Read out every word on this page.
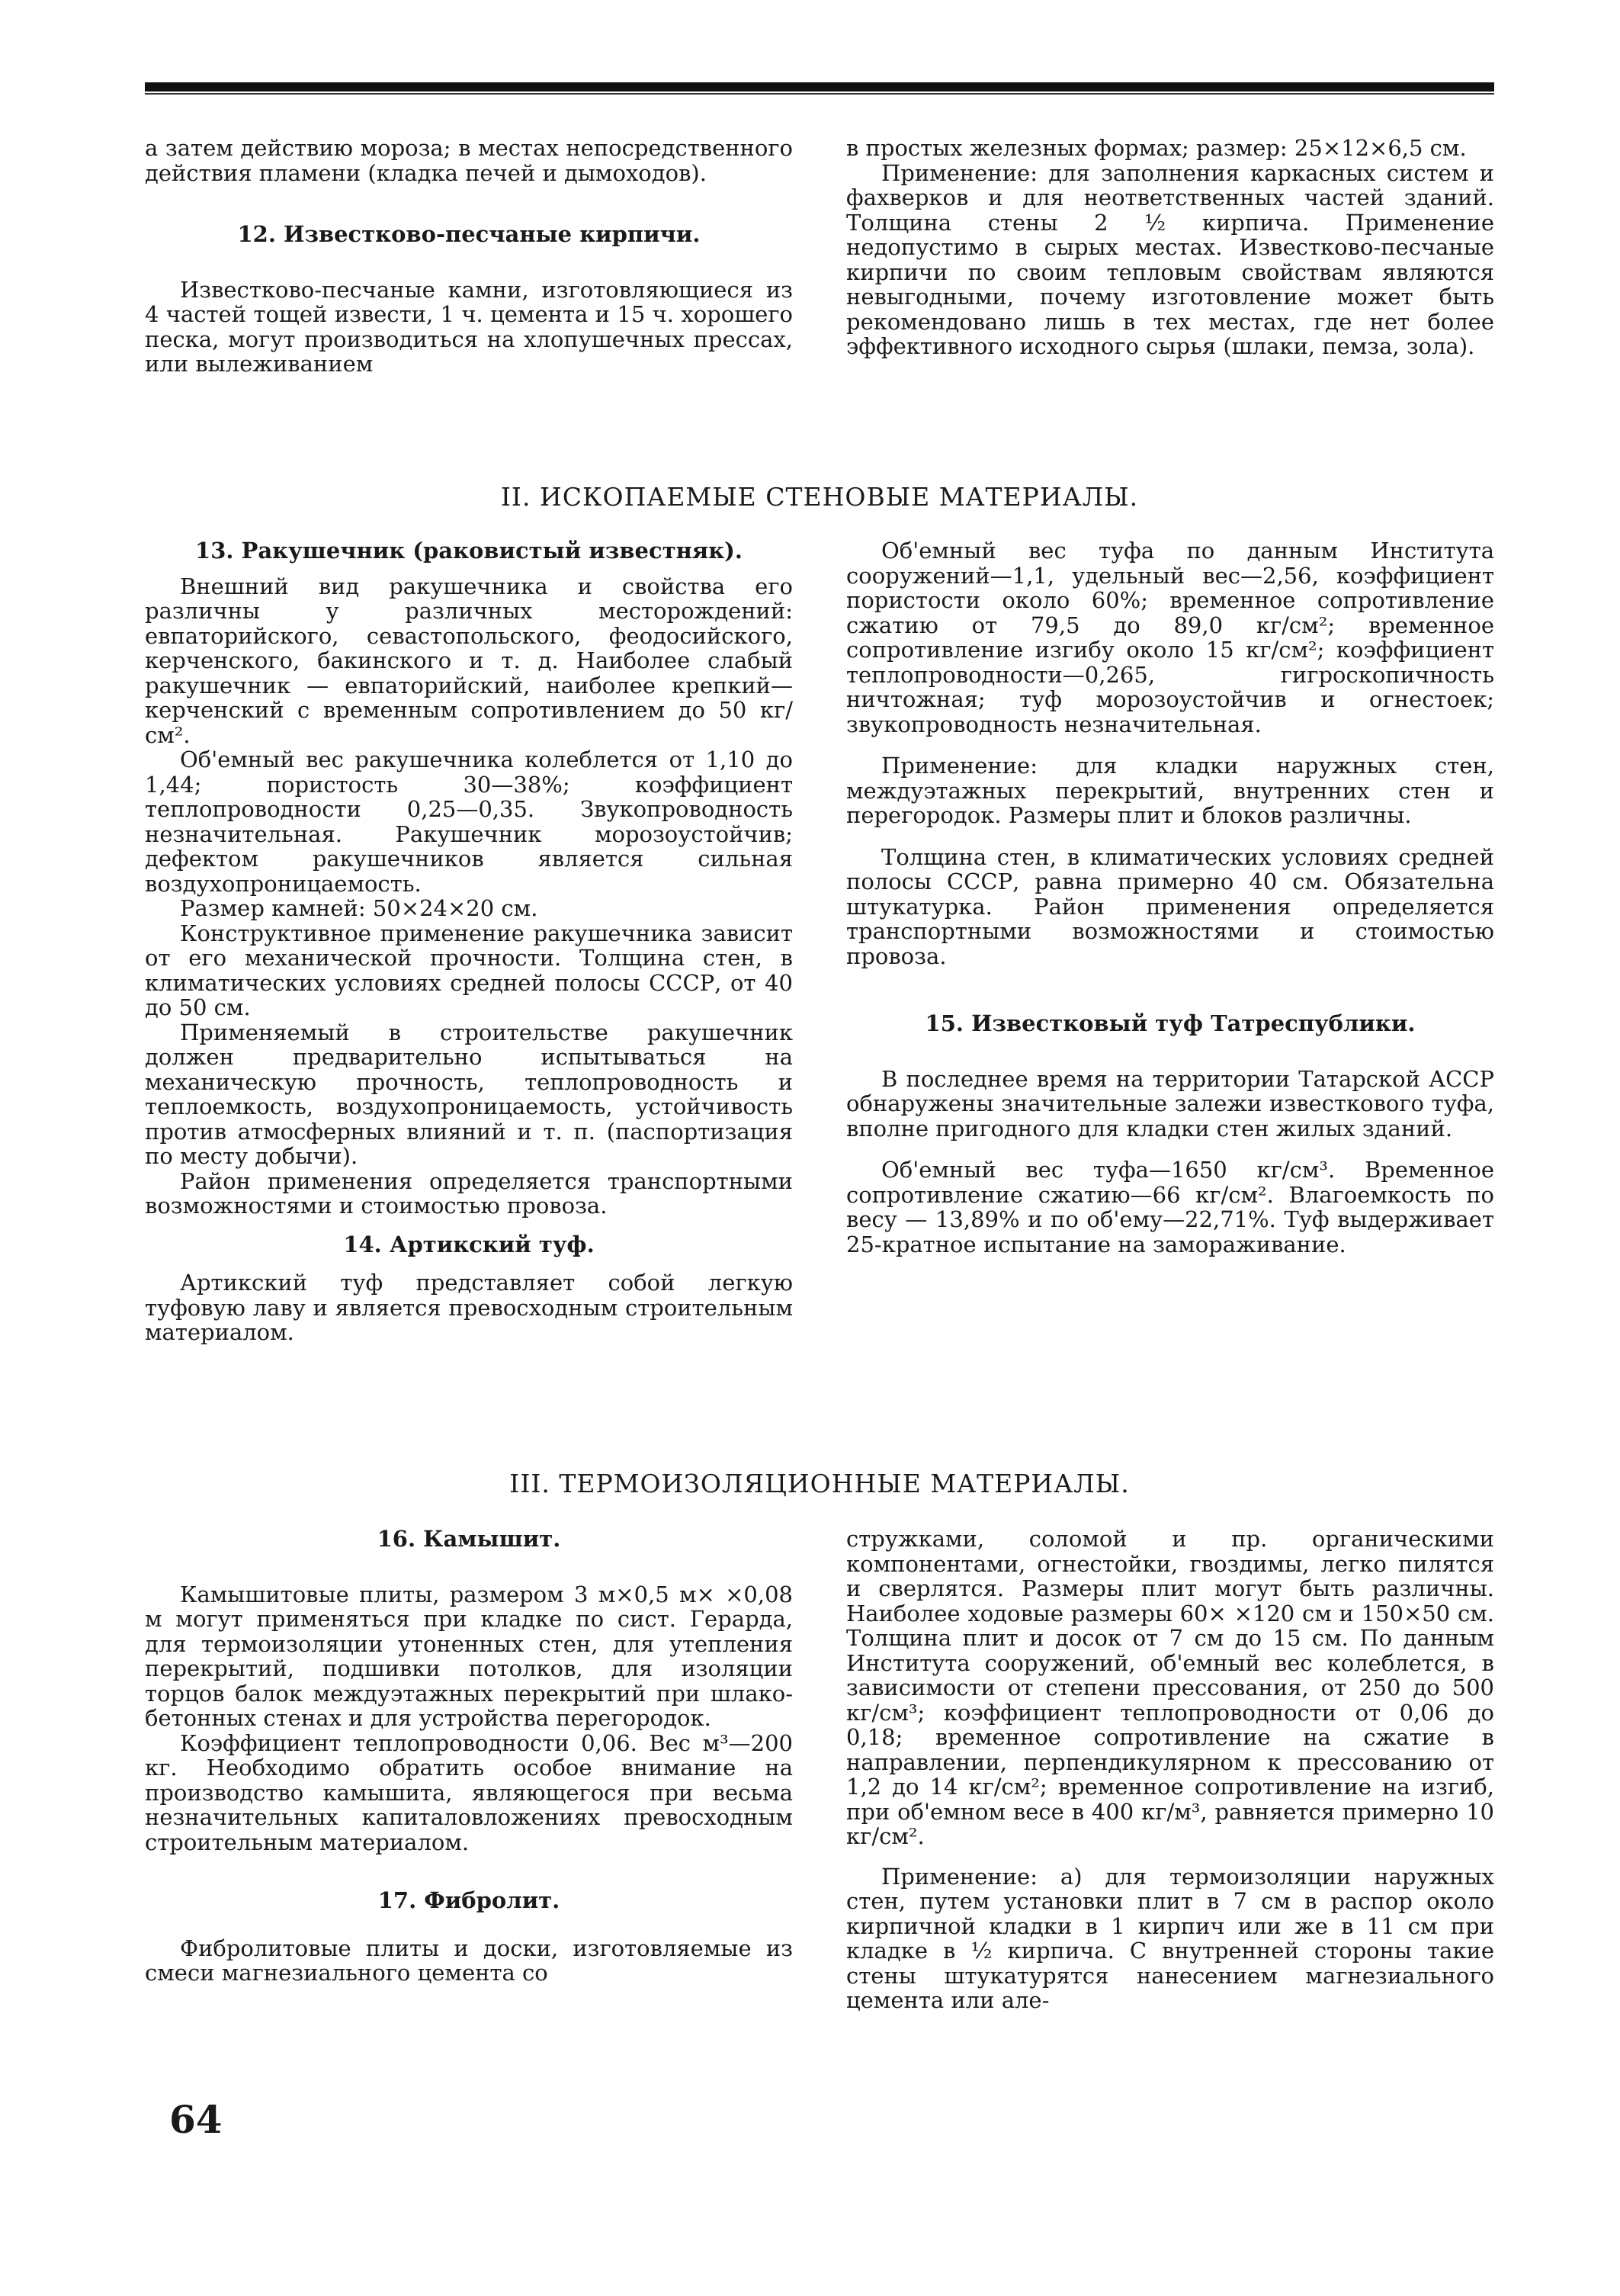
а затем действию мороза; в местах непосредственного действия пламени (кладка печей и дымоходов).

12. Известково-песчаные кирпичи.

Известково-песчаные камни, изготовляющиеся из 4 частей тощей извести, 1 ч. цемента и 15 ч. хорошего песка, могут производиться на хлопушечных прессах, или вылеживанием

в простых железных формах; размер: 25×12×6,5 см.

Применение: для заполнения каркасных систем и фахверков и для неответственных частей зданий. Толщина стены 2 ½ кирпича. Применение недопустимо в сырых местах. Известково-песчаные кирпичи по своим тепловым свойствам являются невыгодными, почему изготовление может быть рекомендовано лишь в тех местах, где нет более эффективного исходного сырья (шлаки, пемза, зола).

II. ИСКОПАЕМЫЕ СТЕНОВЫЕ МАТЕРИАЛЫ.

13. Ракушечник (раковистый известняк).

Внешний вид ракушечника и свойства его различны у различных месторождений: евпаторийского, севастопольского, феодосийского, керченского, бакинского и т. д. Наиболее слабый ракушечник — евпаторийский, наиболее крепкий—керченский с временным сопротивлением до 50 кг/см².

Об'емный вес ракушечника колеблется от 1,10 до 1,44; пористость 30—38%; коэффициент теплопроводности 0,25—0,35. Звукопроводность незначительная. Ракушечник морозоустойчив; дефектом ракушечников является сильная воздухопроницаемость.

Размер камней: 50×24×20 см.

Конструктивное применение ракушечника зависит от его механической прочности. Толщина стен, в климатических условиях средней полосы СССР, от 40 до 50 см.

Применяемый в строительстве ракушечник должен предварительно испытываться на механическую прочность, теплопроводность и теплоемкость, воздухопроницаемость, устойчивость против атмосферных влияний и т. п. (паспортизация по месту добычи).

Район применения определяется транспортными возможностями и стоимостью провоза.

14. Артикский туф.

Артикский туф представляет собой легкую туфовую лаву и является превосходным строительным материалом.

Об'емный вес туфа по данным Института сооружений—1,1, удельный вес—2,56, коэффициент пористости около 60%; временное сопротивление сжатию от 79,5 до 89,0 кг/см²; временное сопротивление изгибу около 15 кг/см²; коэффициент теплопроводности—0,265, гигроскопичность ничтожная; туф морозоустойчив и огнестоек; звукопроводность незначительная.

Применение: для кладки наружных стен, междуэтажных перекрытий, внутренних стен и перегородок. Размеры плит и блоков различны.

Толщина стен, в климатических условиях средней полосы СССР, равна примерно 40 см. Обязательна штукатурка. Район применения определяется транспортными возможностями и стоимостью провоза.

15. Известковый туф Татреспублики.

В последнее время на территории Татарской АССР обнаружены значительные залежи известкового туфа, вполне пригодного для кладки стен жилых зданий.

Об'емный вес туфа—1650 кг/см³. Временное сопротивление сжатию—66 кг/см². Влагоемкость по весу — 13,89% и по об'ему—22,71%. Туф выдерживает 25-кратное испытание на замораживание.

III. ТЕРМОИЗОЛЯЦИОННЫЕ МАТЕРИАЛЫ.

16. Камышит.

Камышитовые плиты, размером 3 м×0,5 м× ×0,08 м могут применяться при кладке по сист. Герарда, для термоизоляции утоненных стен, для утепления перекрытий, подшивки потолков, для изоляции торцов балок междуэтажных перекрытий при шлако-бетонных стенах и для устройства перегородок.

Коэффициент теплопроводности 0,06. Вес м³—200 кг. Необходимо обратить особое внимание на производство камышита, являющегося при весьма незначительных капиталовложениях превосходным строительным материалом.

17. Фибролит.

Фибролитовые плиты и доски, изготовляемые из смеси магнезиального цемента со

стружками, соломой и пр. органическими компонентами, огнестойки, гвоздимы, легко пилятся и сверлятся. Размеры плит могут быть различны. Наиболее ходовые размеры 60× ×120 см и 150×50 см. Толщина плит и досок от 7 см до 15 см. По данным Института сооружений, об'емный вес колеблется, в зависимости от степени прессования, от 250 до 500 кг/см³; коэффициент теплопроводности от 0,06 до 0,18; временное сопротивление на сжатие в направлении, перпендикулярном к прессованию от 1,2 до 14 кг/см²; временное сопротивление на изгиб, при об'емном весе в 400 кг/м³, равняется примерно 10 кг/см².

Применение: а) для термоизоляции наружных стен, путем установки плит в 7 см в распор около кирпичной кладки в 1 кирпич или же в 11 см при кладке в ½ кирпича. С внутренней стороны такие стены штукатурятся нанесением магнезиального цемента или але-

64
